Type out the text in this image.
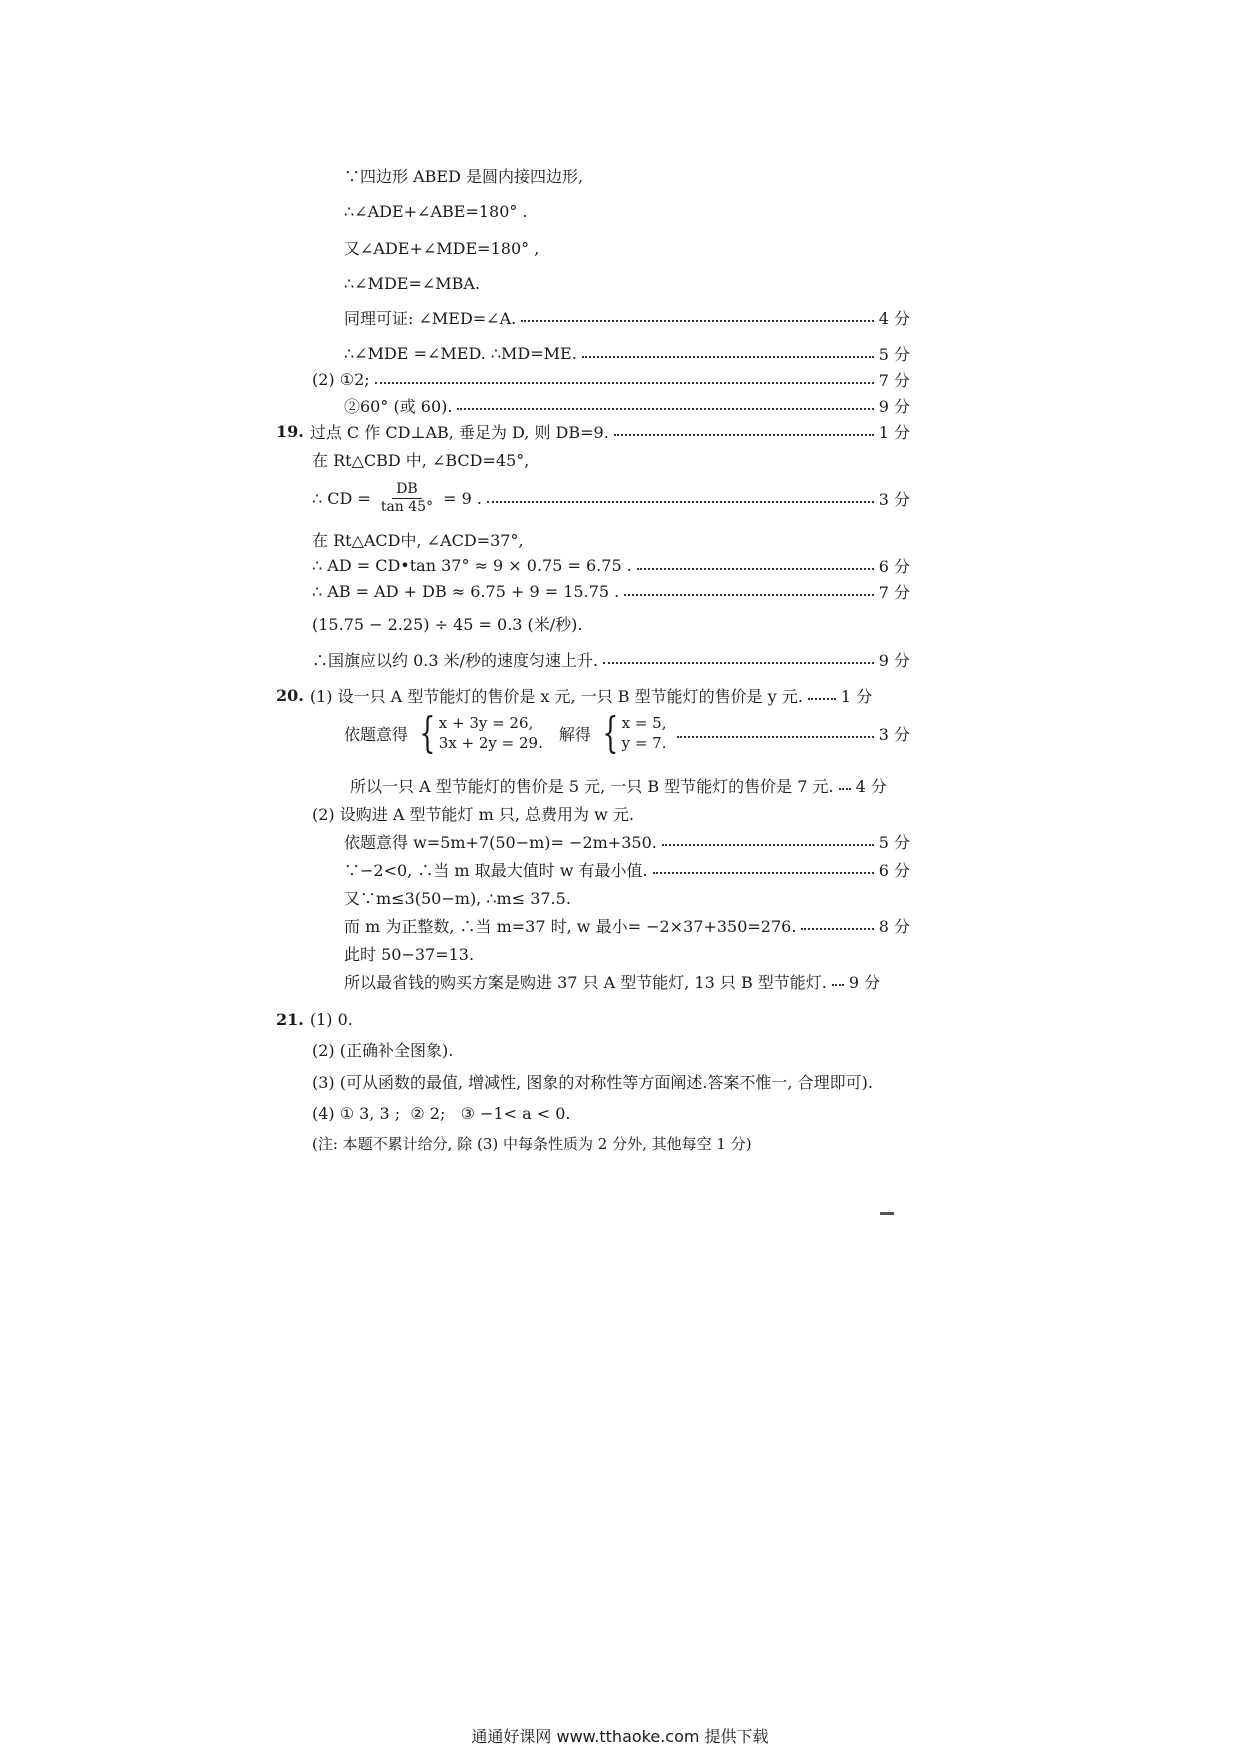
∵四边形 ABED 是圆内接四边形,
∴∠ADE+∠ABE=180° .
又∠ADE+∠MDE=180° ,
∴∠MDE=∠MBA.
同理可证: ∠MED=∠A.	4 分
∴∠MDE =∠MED. ∴MD=ME.	5 分
(2) ①2;	7 分
②60° (或 60).	9 分
19. 过点 C 作 CD⊥AB, 垂足为 D, 则 DB=9.	1 分
在 Rt△CBD 中, ∠BCD=45°,
∴ CD = $\frac{DB}{\tan 45^\circ} = 9$ .	3 分
在 Rt△ACD中, ∠ACD=37°,
∴ AD = CD•tan 37° ≈ 9 × 0.75 = 6.75 .	6 分
∴ AB = AD + DB ≈ 6.75 + 9 = 15.75 .	7 分
(15.75 − 2.25) ÷ 45 = 0.3 (米/秒).
∴国旗应以约 0.3 米/秒的速度匀速上升.	9 分
20. (1) 设一只 A 型节能灯的售价是 x 元, 一只 B 型节能灯的售价是 y 元. 1 分
依题意得 { x + 3y = 26,
3x + 2y = 29. 解得 { x = 5,
y = 7.	3 分
所以一只 A 型节能灯的售价是 5 元, 一只 B 型节能灯的售价是 7 元. 4 分
(2) 设购进 A 型节能灯 m 只, 总费用为 w 元.
依题意得 w=5m+7(50−m)= −2m+350.	5 分
∵−2<0, ∴当 m 取最大值时 w 有最小值.	6 分
又∵m≤3(50−m), ∴m≤ 37.5.
而 m 为正整数, ∴当 m=37 时, w 最小= −2×37+350=276.	8 分
此时 50−37=13.
所以最省钱的购买方案是购进 37 只 A 型节能灯, 13 只 B 型节能灯. 9 分
21. (1) 0.
(2) (正确补全图象).
(3) (可从函数的最值, 增减性, 图象的对称性等方面阐述.答案不惟一, 合理即可).
(4) ① 3, 3 ;  ② 2;   ③ −1< a < 0.
(注: 本题不累计给分, 除 (3) 中每条性质为 2 分外, 其他每空 1 分)
通通好课网 www.tthaoke.com 提供下载
